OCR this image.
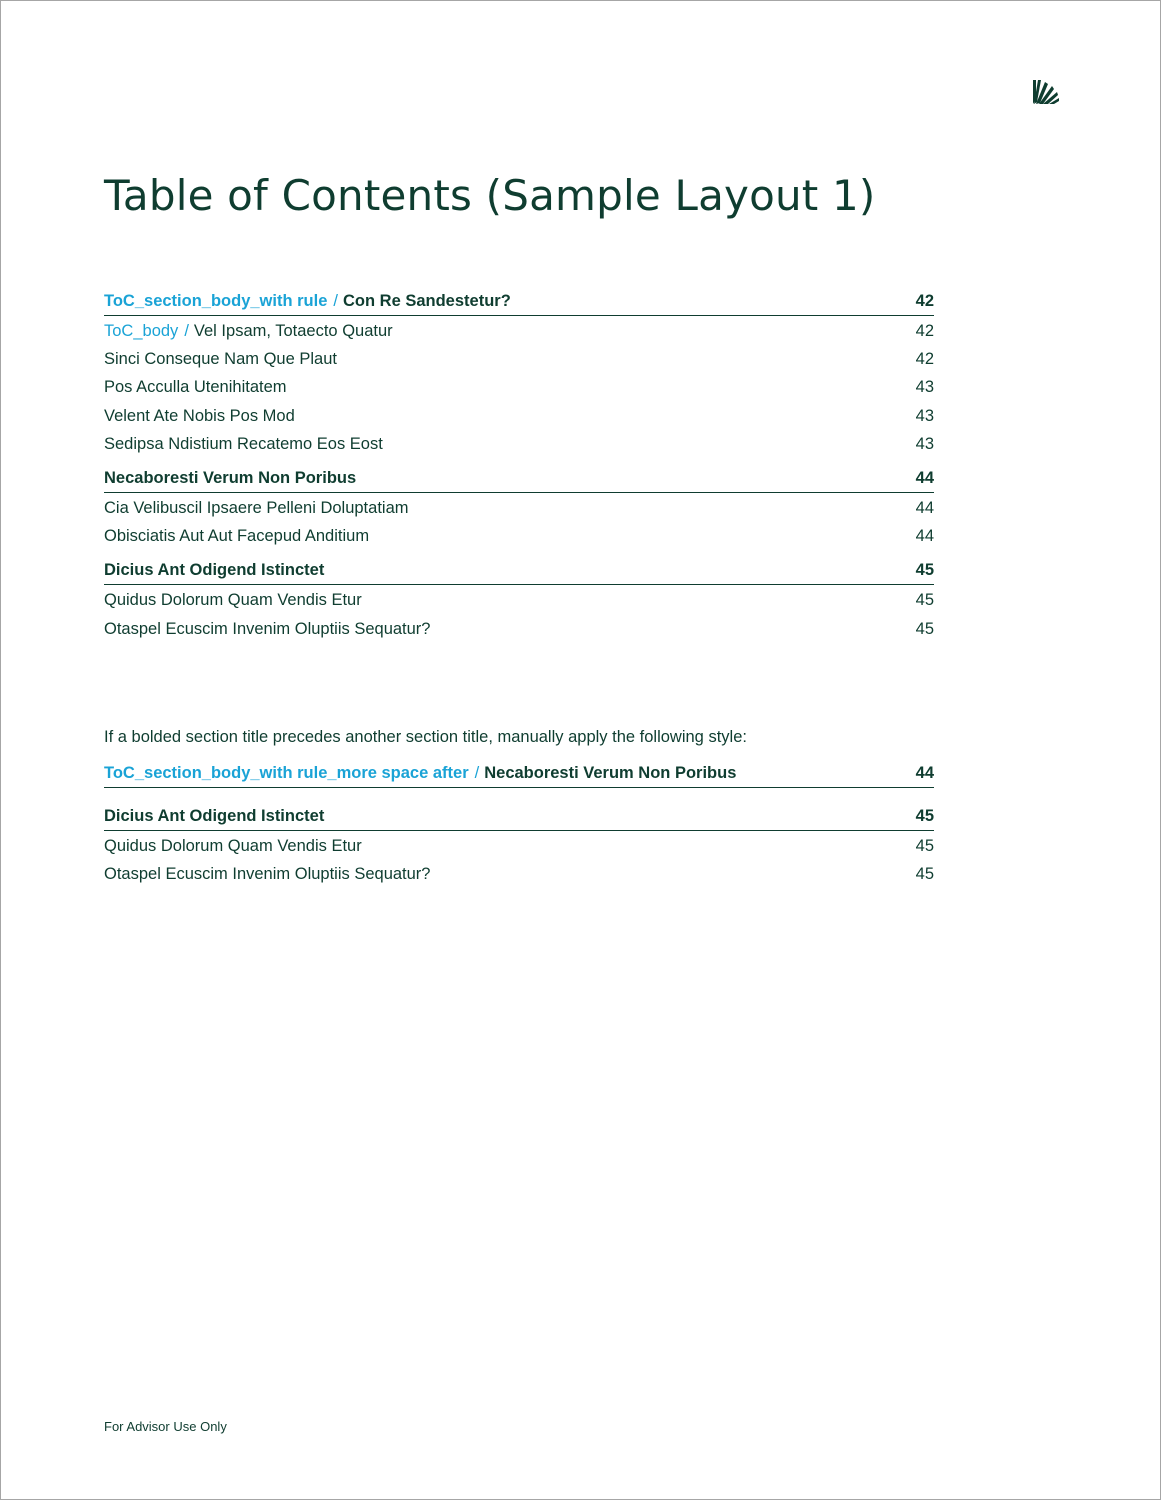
Table of Contents (Sample Layout 1)
ToC_section_body_with rule / Con Re Sandestetur?	42
ToC_body / Vel Ipsam, Totaecto Quatur	42
Sinci Conseque Nam Que Plaut	42
Pos Acculla Utenihitatem	43
Velent Ate Nobis Pos Mod	43
Sedipsa Ndistium Recatemo Eos Eost	43
Necaboresti Verum Non Poribus	44
Cia Velibuscil Ipsaere Pelleni Doluptatiam	44
Obisciatis Aut Aut Facepud Anditium	44
Dicius Ant Odigend Istinctet	45
Quidus Dolorum Quam Vendis Etur	45
Otaspel Ecuscim Invenim Oluptiis Sequatur?	45
If a bolded section title precedes another section title, manually apply the following style:
ToC_section_body_with rule_more space after / Necaboresti Verum Non Poribus	44
Dicius Ant Odigend Istinctet	45
Quidus Dolorum Quam Vendis Etur	45
Otaspel Ecuscim Invenim Oluptiis Sequatur?	45
For Advisor Use Only
